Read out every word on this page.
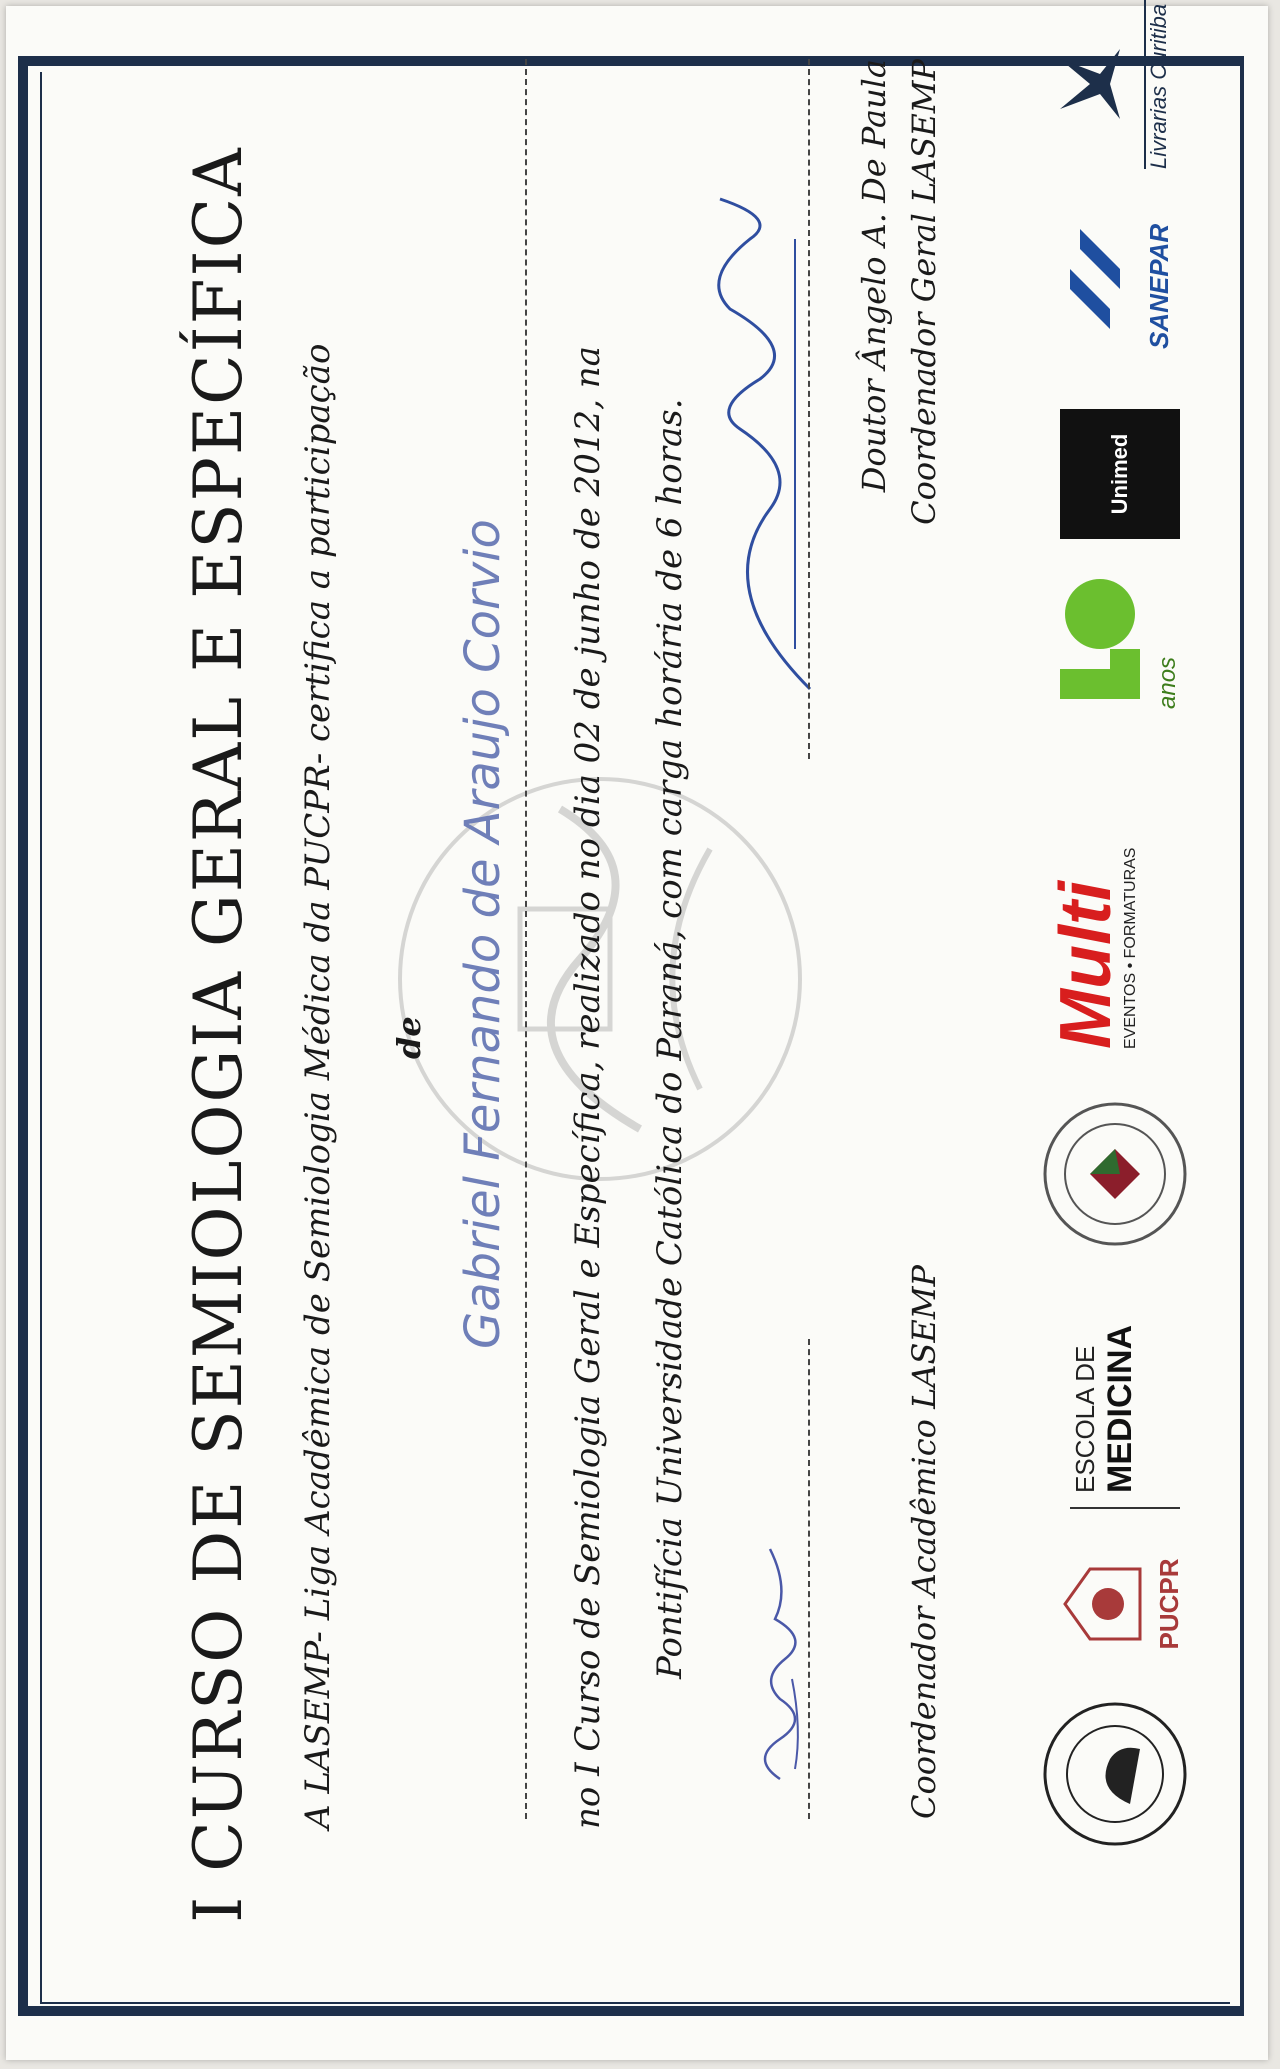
I CURSO DE SEMIOLOGIA GERAL E ESPECÍFICA A LASEMP- Liga Acadêmica de Semiologia Médica da PUCPR- certifica a participação de Gabriel Fernando de Araujo Corvio no I Curso de Semiologia Geral e Específica, realizado no dia 02 de junho de 2012, na Pontifícia Universidade Católica do Paraná, com carga horária de 6 horas.	Coordenador Acadêmico LASEMP
Doutor Ângelo A. De Paula Coordenador Geral LASEMP
PUCPR
ESCOLA DE MEDICINA
Multi
EVENTOS • FORMATURAS
anos
Unimed
SANEPAR
Livrarias Curitiba
